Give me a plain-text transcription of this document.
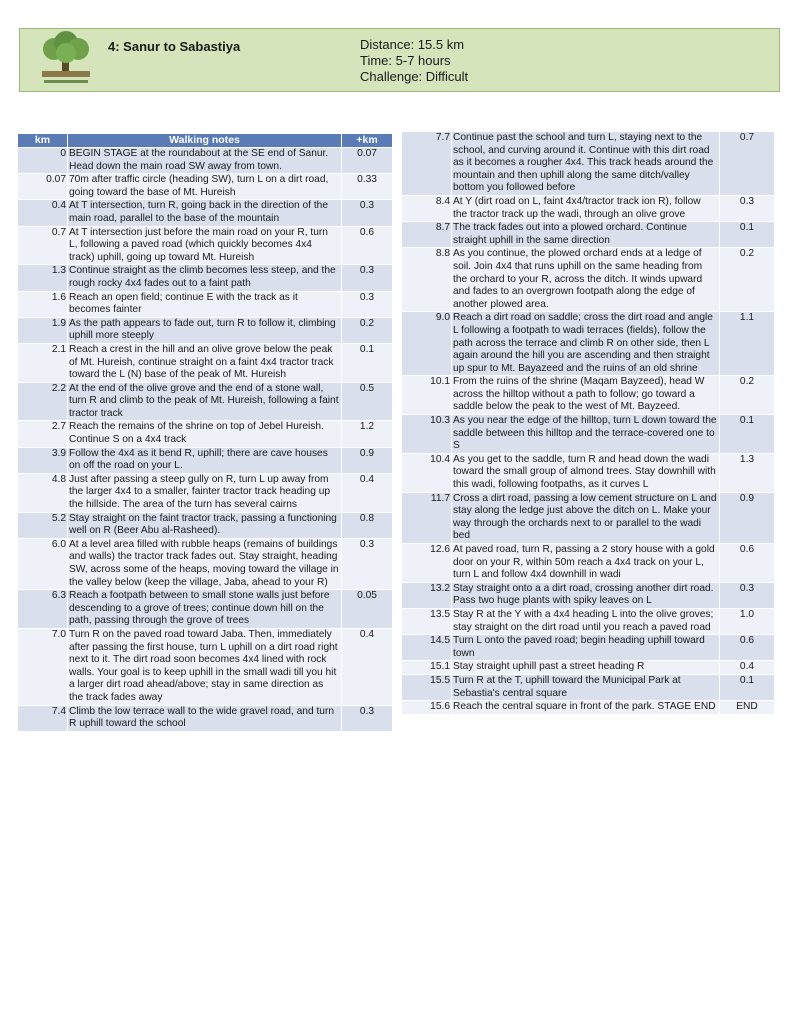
4: Sanur to Sabastiya	Distance: 15.5 km
Time: 5-7 hours
Challenge: Difficult
km	Walking notes	+km
0	BEGIN STAGE at the roundabout at the SE end of Sanur. Head down the main road SW away from town.	0.07
0.07	70m after traffic circle (heading SW), turn L on a dirt road, going toward the base of Mt. Hureish	0.33
0.4	At T intersection, turn R, going back in the direction of the main road, parallel to the base of the mountain	0.3
0.7	At T intersection just before the main road on your R, turn L, following a paved road (which quickly becomes 4x4 track) uphill, going up toward Mt. Hureish	0.6
1.3	Continue straight as the climb becomes less steep, and the rough rocky 4x4 fades out to a faint path	0.3
1.6	Reach an open field; continue E with the track as it becomes fainter	0.3
1.9	As the path appears to fade out, turn R to follow it, climbing uphill more steeply	0.2
2.1	Reach a crest in the hill and an olive grove below the peak of Mt. Hureish, continue straight on a faint 4x4 tractor track toward the L (N) base of the peak of Mt. Hureish	0.1
2.2	At the end of the olive grove and the end of a stone wall, turn R and climb to the peak of Mt. Hureish, following a faint tractor track	0.5
2.7	Reach the remains of the shrine on top of Jebel Hureish. Continue S on a 4x4 track	1.2
3.9	Follow the 4x4 as it bend R, uphill; there are cave houses on off the road on your L.	0.9
4.8	Just after passing a steep gully on R, turn L up away from the larger 4x4 to a smaller, fainter tractor track heading up the hillside. The area of the turn has several cairns	0.4
5.2	Stay straight on the faint tractor track, passing a functioning well on R (Beer Abu al-Rasheed).	0.8
6.0	At a level area filled with rubble heaps (remains of buildings and walls) the tractor track fades out. Stay straight, heading SW, across some of the heaps, moving toward the village in the valley below (keep the village, Jaba, ahead to your R)	0.3
6.3	Reach a footpath between to small stone walls just before descending to a grove of trees; continue down hill on the path, passing through the grove of trees	0.05
7.0	Turn R on the paved road toward Jaba. Then, immediately after passing the first house, turn L uphill on a dirt road right next to it. The dirt road soon becomes 4x4 lined with rock walls. Your goal is to keep uphill in the small wadi till you hit a larger dirt road ahead/above; stay in same direction as the track fades away	0.4
7.4	Climb the low terrace wall to the wide gravel road, and turn R uphill toward the school	0.3
7.7	Continue past the school and turn L, staying next to the school, and curving around it. Continue with this dirt road as it becomes a rougher 4x4. This track heads around the mountain and then uphill along the same ditch/valley bottom you followed before	0.7
8.4	At Y (dirt road on L, faint 4x4/tractor track ion R), follow the tractor track up the wadi, through an olive grove	0.3
8.7	The track fades out into a plowed orchard. Continue straight uphill in the same direction	0.1
8.8	As you continue, the plowed orchard ends at a ledge of soil. Join 4x4 that runs uphill on the same heading from the orchard to your R, across the ditch. It winds upward and fades to an overgrown footpath along the edge of another plowed area.	0.2
9.0	Reach a dirt road on saddle; cross the dirt road and angle L following a footpath to wadi terraces (fields), follow the path across the terrace and climb R on other side, then L again around the hill you are ascending and then straight up spur to Mt. Bayazeed and the ruins of an old shrine	1.1
10.1	From the ruins of the shrine (Maqam Bayzeed), head W across the hilltop without a path to follow; go toward a saddle below the peak to the west of Mt. Bayzeed.	0.2
10.3	As you near the edge of the hilltop, turn L down toward the saddle between this hilltop and the terrace-covered one to S	0.1
10.4	As you get to the saddle, turn R and head down the wadi toward the small group of almond trees. Stay downhill with this wadi, following footpaths, as it curves L	1.3
11.7	Cross a dirt road, passing a low cement structure on L and stay along the ledge just above the ditch on L. Make your way through the orchards next to or parallel to the wadi bed	0.9
12.6	At paved road, turn R, passing a 2 story house with a gold door on your R, within 50m reach a 4x4 track on your L, turn L and follow 4x4 downhill in wadi	0.6
13.2	Stay straight onto a a dirt road, crossing another dirt road. Pass two huge plants with spiky leaves on L	0.3
13.5	Stay R at the Y with a 4x4 heading L into the olive groves; stay straight on the dirt road until you reach a paved road	1.0
14.5	Turn L onto the paved road; begin heading uphill toward town	0.6
15.1	Stay straight uphill past a street heading R	0.4
15.5	Turn R at the T, uphill toward the Municipal Park at Sebastia's central square	0.1
15.6	Reach the central square in front of the park. STAGE END	END
